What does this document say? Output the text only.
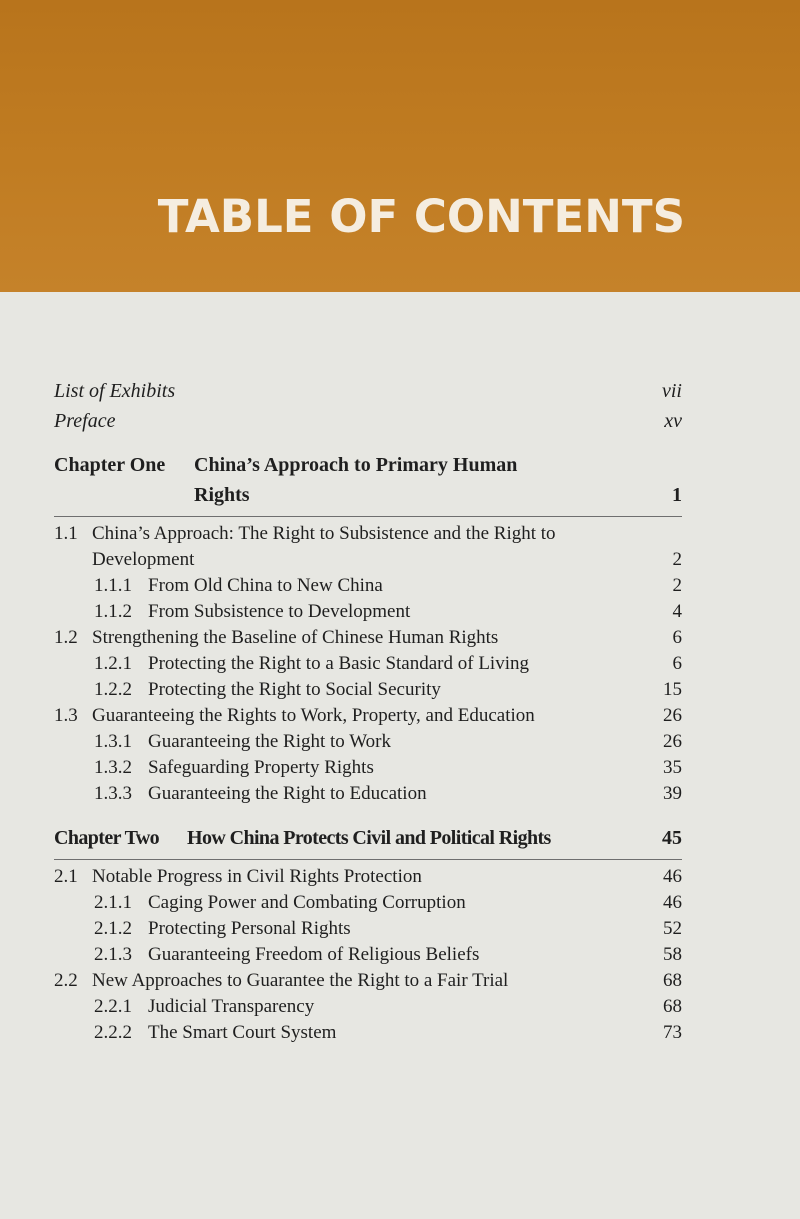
TABLE OF CONTENTS
List of Exhibits	vii
Preface	xv
Chapter One China’s Approach to Primary Human Rights	1
1.1 China’s Approach: The Right to Subsistence and the Right to Development	2
1.1.1 From Old China to New China	2
1.1.2 From Subsistence to Development	4
1.2 Strengthening the Baseline of Chinese Human Rights	6
1.2.1 Protecting the Right to a Basic Standard of Living	6
1.2.2 Protecting the Right to Social Security	15
1.3 Guaranteeing the Rights to Work, Property, and Education	26
1.3.1 Guaranteeing the Right to Work	26
1.3.2 Safeguarding Property Rights	35
1.3.3 Guaranteeing the Right to Education	39
Chapter Two How China Protects Civil and Political Rights	45
2.1 Notable Progress in Civil Rights Protection	46
2.1.1 Caging Power and Combating Corruption	46
2.1.2 Protecting Personal Rights	52
2.1.3 Guaranteeing Freedom of Religious Beliefs	58
2.2 New Approaches to Guarantee the Right to a Fair Trial	68
2.2.1 Judicial Transparency	68
2.2.2 The Smart Court System	73
